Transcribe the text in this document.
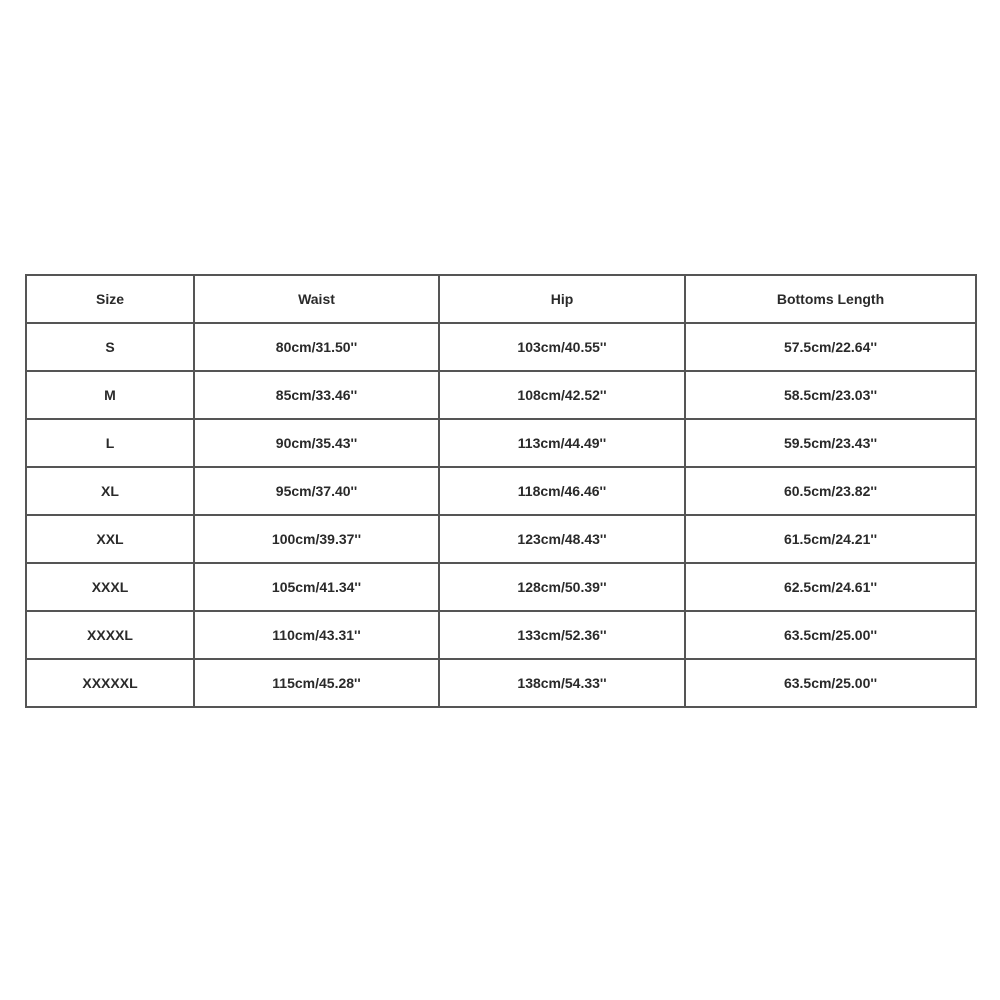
Size	Waist	Hip	Bottoms Length
S	80cm/31.50''	103cm/40.55''	57.5cm/22.64''
M	85cm/33.46''	108cm/42.52''	58.5cm/23.03''
L	90cm/35.43''	113cm/44.49''	59.5cm/23.43''
XL	95cm/37.40''	118cm/46.46''	60.5cm/23.82''
XXL	100cm/39.37''	123cm/48.43''	61.5cm/24.21''
XXXL	105cm/41.34''	128cm/50.39''	62.5cm/24.61''
XXXXL	110cm/43.31''	133cm/52.36''	63.5cm/25.00''
XXXXXL	115cm/45.28''	138cm/54.33''	63.5cm/25.00''
